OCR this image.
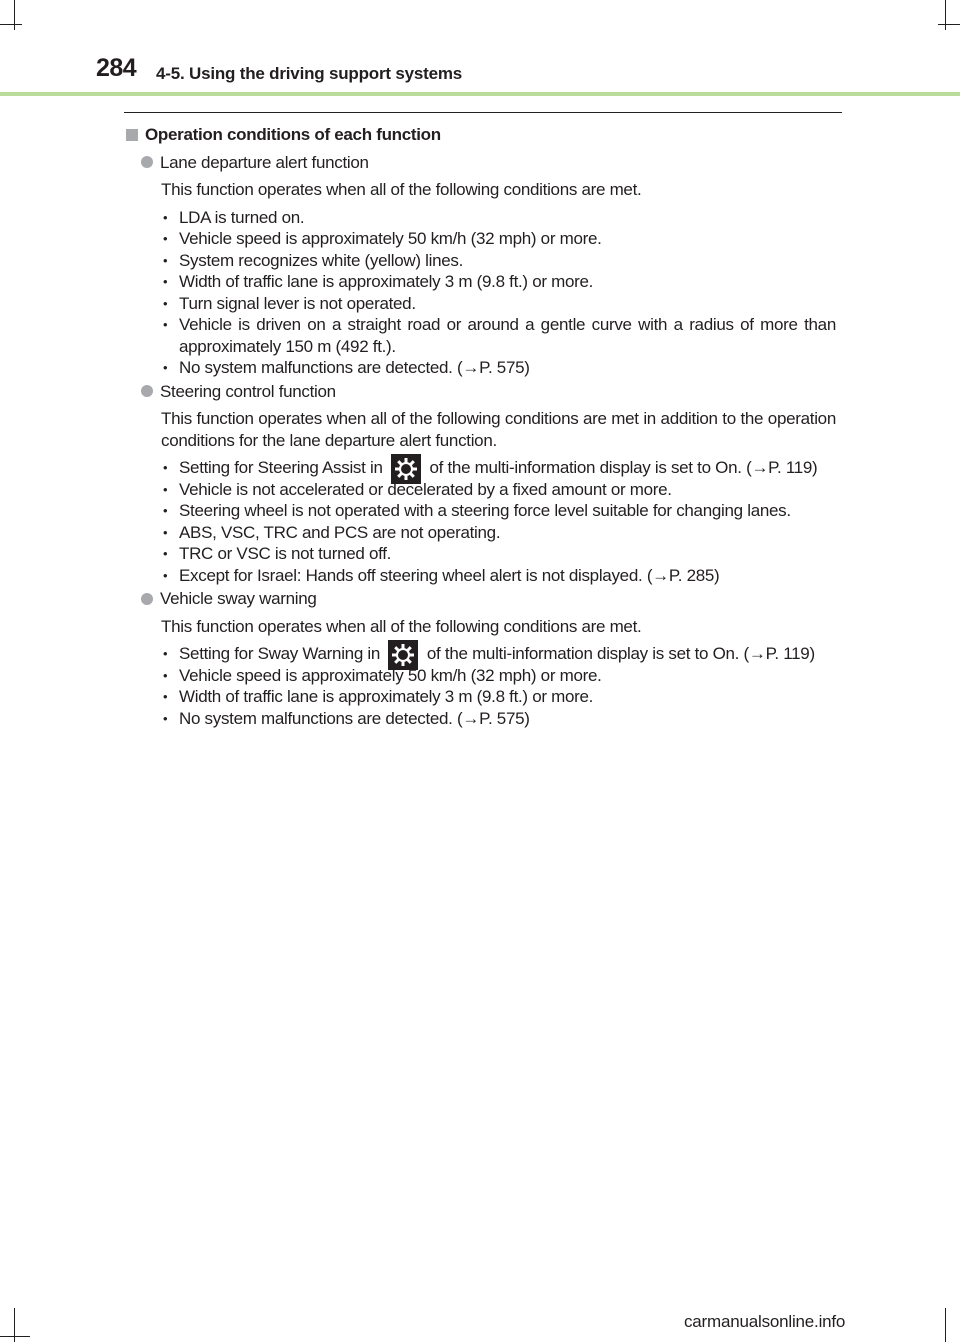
284 4-5. Using the driving support systems
Operation conditions of each function
Lane departure alert function
This function operates when all of the following conditions are met.
• LDA is turned on.
• Vehicle speed is approximately 50 km/h (32 mph) or more.
• System recognizes white (yellow) lines.
• Width of traffic lane is approximately 3 m (9.8 ft.) or more.
• Turn signal lever is not operated.
• Vehicle is driven on a straight road or around a gentle curve with a radius of more than approximately 150 m (492 ft.).
• No system malfunctions are detected. (→P. 575)
Steering control function
This function operates when all of the following conditions are met in addition to the operation conditions for the lane departure alert function.
• Setting for Steering Assist in	of the multi-information display is set to On. (→P. 119)
• Vehicle is not accelerated or decelerated by a fixed amount or more.
• Steering wheel is not operated with a steering force level suitable for changing lanes.
• ABS, VSC, TRC and PCS are not operating.
• TRC or VSC is not turned off.
• Except for Israel: Hands off steering wheel alert is not displayed. (→P. 285)
Vehicle sway warning
This function operates when all of the following conditions are met.
• Setting for Sway Warning in	of the multi-information display is set to On. (→P. 119)
• Vehicle speed is approximately 50 km/h (32 mph) or more.
• Width of traffic lane is approximately 3 m (9.8 ft.) or more.
• No system malfunctions are detected. (→P. 575)
carmanualsonline.info
